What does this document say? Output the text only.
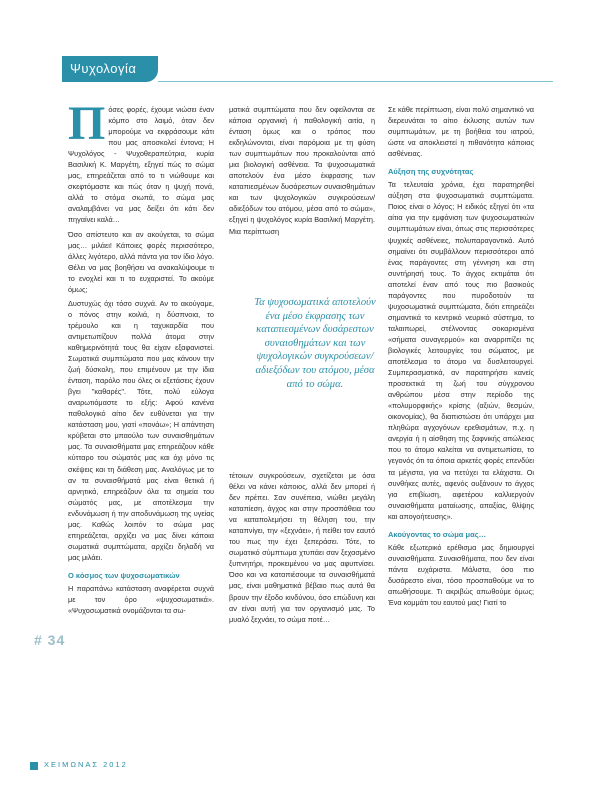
Ψυχολογία

Πόσες φορές, έχουμε νιώσει έναν κόμπο στο λαιμό, όταν δεν μπορούμε να εκφράσουμε κάτι που μας αποσκολεί έντονα; Η Ψυχολόγος - Ψυχοθεραπεύτρια, κυρία Βασιλική Κ. Μαργέτη, εξηγεί πώς το σώμα μας, επηρεάζεται από το τι νιώθουμε και σκεφτόμαστε και πώς όταν η ψυχή πονά, αλλά το στόμα σιωπά, το σώμα μας αναλαμβάνει να μας δείξει ότι κάτι δεν πηγαίνει καλά…

Όσο απίστευτο και αν ακούγεται, το σώμα μας… μιλάει! Κάποιες φορές περισσότερο, άλλες λιγότερο, αλλά πάντα για τον ίδιο λόγο. Θέλει να μας βοηθήσει να ανακαλύψουμε τι το ενοχλεί και τι το ευχαριστεί. Το ακούμε όμως;

Δυστυχώς όχι τόσο συχνά. Αν το ακούγαμε, ο πόνος στην κοιλιά, η δύσπνοια, το τρέμουλο και η ταχυκαρδία που αντιμετωπίζουν πολλά άτομα στην καθημερινότητά τους θα είχαν εξαφανιστεί. Σωματικά συμπτώματα που μας κάνουν την ζωή δύσκολη, που επιμένουν με την ίδια ένταση, παρόλο που όλες οι εξετάσεις έχουν βγει "καθαρές". Τότε, πολύ εύλογα αναρωτιόμαστε το εξής: Αφού κανένα παθολογικό αίτιο δεν ευθύνεται για την κατάσταση μου, γιατί «πονάω»; Η απάντηση κρύβεται στο μπαούλο των συναισθημάτων μας. Τα συναισθήματα μας επηρεάζουν κάθε κύτταρο του σώματός μας και όχι μόνο τις σκέψεις και τη διάθεση μας. Αναλόγως με το αν τα συναισθήματά μας είναι θετικά ή αρνητικά, επηρεάζουν όλα τα σημεία του σώματός μας, με αποτέλεσμα την ενδυνάμωση ή την αποδυνάμωση της υγείας μας. Καθώς λοιπόν το σώμα μας επηρεάζεται, αρχίζει να μας δίνει κάποια σωματικά συμπτώματα, αρχίζει δηλαδή να μας μιλάει.

Ο κόσμος των ψυχοσωματικών

Η παραπάνω κατάσταση αναφέρεται συχνά με τον όρο «ψυχοσωματικά». «Ψυχοσωματικά ονομάζονται τα σω-

ματικά συμπτώματα που δεν οφείλονται σε κάποια οργανική ή παθολογική αιτία, η ένταση όμως και ο τρόπος που εκδηλώνονται, είναι παρόμοια με τη φύση των συμπτωμάτων που προκαλούνται από μια βιολογική ασθένεια. Τα ψυχοσωματικά αποτελούν ένα μέσο έκφρασης των καταπιεσμένων δυσάρεστων συναισθημάτων και των ψυχολογικών συγκρούσεων/ αδιεξόδων του ατόμου, μέσα από το σώμα», εξηγεί η ψυχολόγος κυρία Βασιλική Μαργέτη. Μια περίπτωση

Τα ψυχοσωματικά αποτελούν ένα μέσο έκφρασης των καταπιεσμένων δυσάρεστων συναισθημάτων και των ψυχολογικών συγκρούσεων/ αδιεξόδων του ατόμου, μέσα από το σώμα.

τέτοιων συγκρούσεων, σχετίζεται με όσα θέλει να κάνει κάποιος, αλλά δεν μπορεί ή δεν πρέπει. Σαν συνέπεια, νιώθει μεγάλη καταπίεση, άγχος και στην προσπάθεια του να καταπολεμήσει τη θέληση του, την καταπνίγει, την «ξεχνάει», ή πείθει τον εαυτό του πως την έχει ξεπεράσει. Τότε, το σωματικό σύμπτωμα χτυπάει σαν ξεχασμένο ξυπνητήρι, προκειμένου να μας αφυπνίσει. Όσο και να καταπιέσουμε τα συναισθήματά μας, είναι μαθηματικά βέβαιο πως αυτά θα βρουν την έξοδο κινδύνου, όσο επώδυνη και αν είναι αυτή για τον οργανισμό μας. Το μυαλό ξεχνάει, το σώμα ποτέ…

Σε κάθε περίπτωση, είναι πολύ σημαντικό να διερευνάται το αίτιο έκλυσης αυτών των συμπτωμάτων, με τη βοήθεια του ιατρού, ώστε να αποκλειστεί η πιθανότητα κάποιας ασθένειας.

Αύξηση της συχνότητας

Τα τελευταία χρόνια, έχει παρατηρηθεί αύξηση στα ψυχοσωματικά συμπτώματα. Ποιος είναι ο λόγος; Η ειδικός εξηγεί ότι «τα αίτια για την εμφάνιση των ψυχοσωματικών συμπτωμάτων είναι, όπως στις περισσότερες ψυχικές ασθένειες, πολυπαραγοντικά. Αυτό σημαίνει ότι συμβάλλουν περισσότεροι από ένας παράγοντες στη γέννηση και στη συντήρησή τους. Το άγχος εκτιμάται ότι αποτελεί έναν από τους πιο βασικούς παράγοντες που πυροδοτούν τα ψυχοσωματικά συμπτώματα, διότι επηρεάζει σημαντικά το κεντρικό νευρικό σύστημα, το ταλαιπωρεί, στέλνοντας σοκαρισμένα «σήματα συναγερμού» και αναρριπίζει τις βιολογικές λειτουργίες του σώματος, με αποτέλεσμα το άτομο να δυσλειτουργεί. Συμπερασματικά, αν παρατηρήσει κανείς προσεκτικά τη ζωή του σύγχρονου ανθρώπου μέσα στην περίοδο της «πολυμορφικής» κρίσης (αξιών, θεσμών, οικονομίας), θα διαπιστώσει ότι υπάρχει μια πληθώρα αγχογόνων ερεθισμάτων, π.χ. η ανεργία ή η αίσθηση της ξαφνικής απώλειας που το άτομο καλείται να αντιμετωπίσει, το γεγονός ότι τα όποια αρκετές φορές επενδύει τα μέγιστα, για να πετύχει τα ελάχιστα. Οι συνθήκες αυτές, αφενός αυξάνουν το άγχος για επιβίωση, αφετέρου καλλιεργούν συναισθήματα ματαίωσης, απαξίας, θλίψης και απογοήτευσης».

Ακούγοντας το σώμα μας…

Κάθε εξωτερικό ερέθισμα μας δημιουργεί συναισθήματα. Συναισθήματα, που δεν είναι πάντα ευχάριστα. Μάλιστα, όσο πιο δυσάρεστο είναι, τόσο προσπαθούμε να το απωθήσουμε. Τι ακριβώς απωθούμε όμως; Ένα κομμάτι του εαυτού μας! Γιατί το

# 34
ΧΕΙΜΩΝΑΣ 2012
